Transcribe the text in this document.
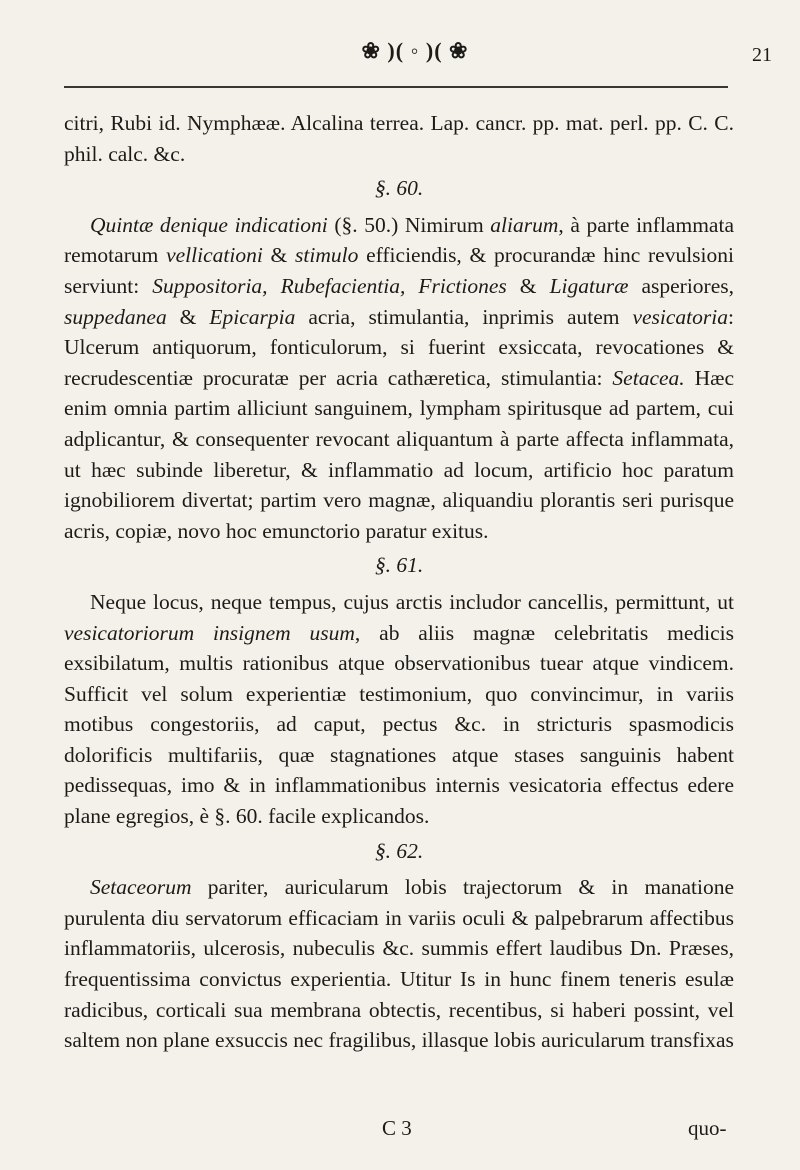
❀ )( ◦ )( ❀	21

citri, Rubi id. Nymphææ. Alcalina terrea. Lap. cancr. pp. mat. perl. pp. C. C. phil. calc. &c.

§. 60.

Quintæ denique indicationi (§. 50.) Nimirum aliarum, à parte inflammata remotarum vellicationi & stimulo efficiendis, & procurandæ hinc revulsioni serviunt: Suppositoria, Rubefacientia, Frictiones & Ligaturæ asperiores, suppedanea & Epicarpia acria, stimulantia, inprimis autem vesicatoria: Ulcerum antiquorum, fonticulorum, si fuerint exsiccata, revocationes & recrudescentiæ procuratæ per acria cathæretica, stimulantia: Setacea. Hæc enim omnia partim alliciunt sanguinem, lympham spiritusque ad partem, cui adplicantur, & consequenter revocant aliquantum à parte affecta inflammata, ut hæc subinde liberetur, & inflammatio ad locum, artificio hoc paratum ignobiliorem divertat; partim vero magnæ, aliquandiu plorantis seri purisque acris, copiæ, novo hoc emunctorio paratur exitus.

§. 61.

Neque locus, neque tempus, cujus arctis includor cancellis, permittunt, ut vesicatoriorum insignem usum, ab aliis magnæ celebritatis medicis exsibilatum, multis rationibus atque observationibus tuear atque vindicem. Sufficit vel solum experientiæ testimonium, quo convincimur, in variis motibus congestoriis, ad caput, pectus &c. in stricturis spasmodicis dolorificis multifariis, quæ stagnationes atque stases sanguinis habent pedissequas, imo & in inflammationibus internis vesicatoria effectus edere plane egregios, è §. 60. facile explicandos.

§. 62.

Setaceorum pariter, auricularum lobis trajectorum & in manatione purulenta diu servatorum efficaciam in variis oculi & palpebrarum affectibus inflammatoriis, ulcerosis, nubeculis &c. summis effert laudibus Dn. Præses, frequentissima convictus experientia. Utitur Is in hunc finem teneris esulæ radicibus, corticali sua membrana obtectis, recentibus, si haberi possint, vel saltem non plane exsuccis nec fragilibus, illasque lobis auricularum transfixas

C 3	quo-
